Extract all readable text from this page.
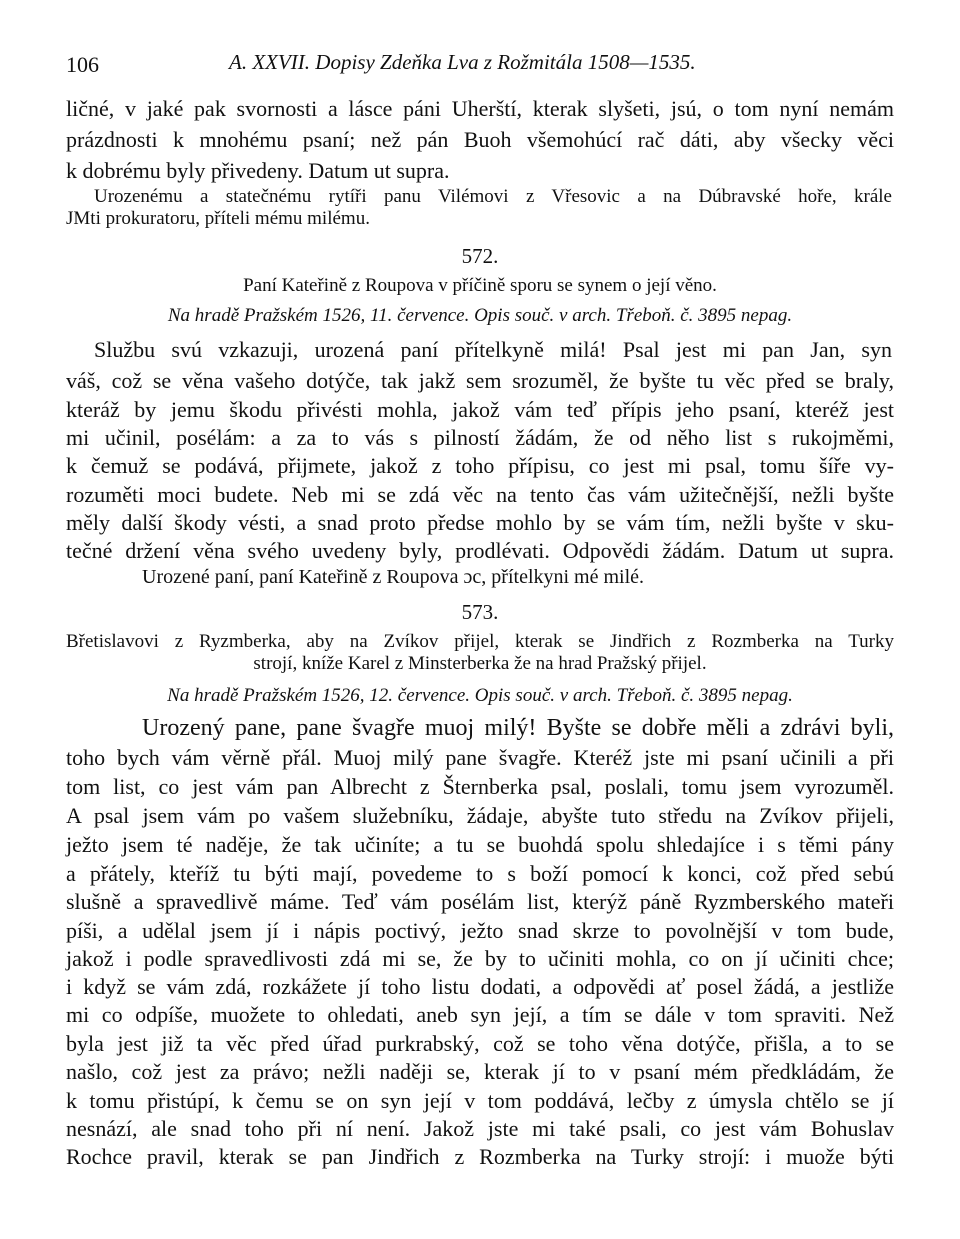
106	A. XXVII. Dopisy Zdeňka Lva z Rožmitála 1508—1535.

ličné, v jaké pak svornosti a lásce páni Uherští, kterak slyšeti, jsú, o tom nyní nemám

prázdnosti k mnohému psaní; než pán Buoh všemohúcí rač dáti, aby všecky věci

k dobrému byly přivedeny. Datum ut supra.

Urozenému a statečnému rytíři panu Vilémovi z Vřesovic a na Dúbravské hoře, krále

JMti prokuratoru, příteli mému milému.

572.
Paní Kateřině z Roupova v příčině sporu se synem o její věno.
Na hradě Pražském 1526, 11. července. Opis souč. v arch. Třeboň. č. 3895 nepag.

Službu svú vzkazuji, urozená paní přítelkyně milá! Psal jest mi pan Jan, syn

váš, což se věna vašeho dotýče, tak jakž sem srozuměl, že byšte tu věc před se braly,

kteráž by jemu škodu přivésti mohla, jakož vám teď přípis jeho psaní, kteréž jest

mi učinil, posélám: a za to vás s pilností žádám, že od něho list s rukojměmi,

k čemuž se podává, přijmete, jakož z toho přípisu, co jest mi psal, tomu šíře vy-

rozuměti moci budete. Neb mi se zdá věc na tento čas vám užitečnější, nežli byšte

měly další škody vésti, a snad proto předse mohlo by se vám tím, nežli byšte v sku-

tečné držení věna svého uvedeny byly, prodlévati. Odpovědi žádám. Datum ut supra.

Urozené paní, paní Kateřině z Roupova ɔc, přítelkyni mé milé.

573.
Břetislavovi z Ryzmberka, aby na Zvíkov přijel, kterak se Jindřich z Rozmberka na Turky
strojí, kníže Karel z Minsterberka že na hrad Pražský přijel.
Na hradě Pražském 1526, 12. července. Opis souč. v arch. Třeboň. č. 3895 nepag.

Urozený pane, pane švagře muoj milý! Byšte se dobře měli a zdrávi byli,

toho bych vám věrně přál. Muoj milý pane švagře. Kteréž jste mi psaní učinili a při

tom list, co jest vám pan Albrecht z Šternberka psal, poslali, tomu jsem vyrozuměl.

A psal jsem vám po vašem služebníku, žádaje, abyšte tuto středu na Zvíkov přijeli,

ježto jsem té naděje, že tak učiníte; a tu se buohdá spolu shledajíce i s těmi pány

a přátely, kteříž tu býti mají, povedeme to s boží pomocí k konci, což před sebú

slušně a spravedlivě máme. Teď vám posélám list, kterýž páně Ryzmberského mateři

píši, a udělal jsem jí i nápis poctivý, ježto snad skrze to povolnější v tom bude,

jakož i podle spravedlivosti zdá mi se, že by to učiniti mohla, co on jí učiniti chce;

i když se vám zdá, rozkážete jí toho listu dodati, a odpovědi ať posel žádá, a jestliže

mi co odpíše, muožete to ohledati, aneb syn její, a tím se dále v tom spraviti. Než

byla jest již ta věc před úřad purkrabský, což se toho věna dotýče, přišla, a to se

našlo, což jest za právo; nežli naději se, kterak jí to v psaní mém předkládám, že

k tomu přistúpí, k čemu se on syn její v tom poddává, lečby z úmysla chtělo se jí

nesnází, ale snad toho při ní není. Jakož jste mi také psali, co jest vám Bohuslav

Rochce pravil, kterak se pan Jindřich z Rozmberka na Turky strojí: i muože býti
